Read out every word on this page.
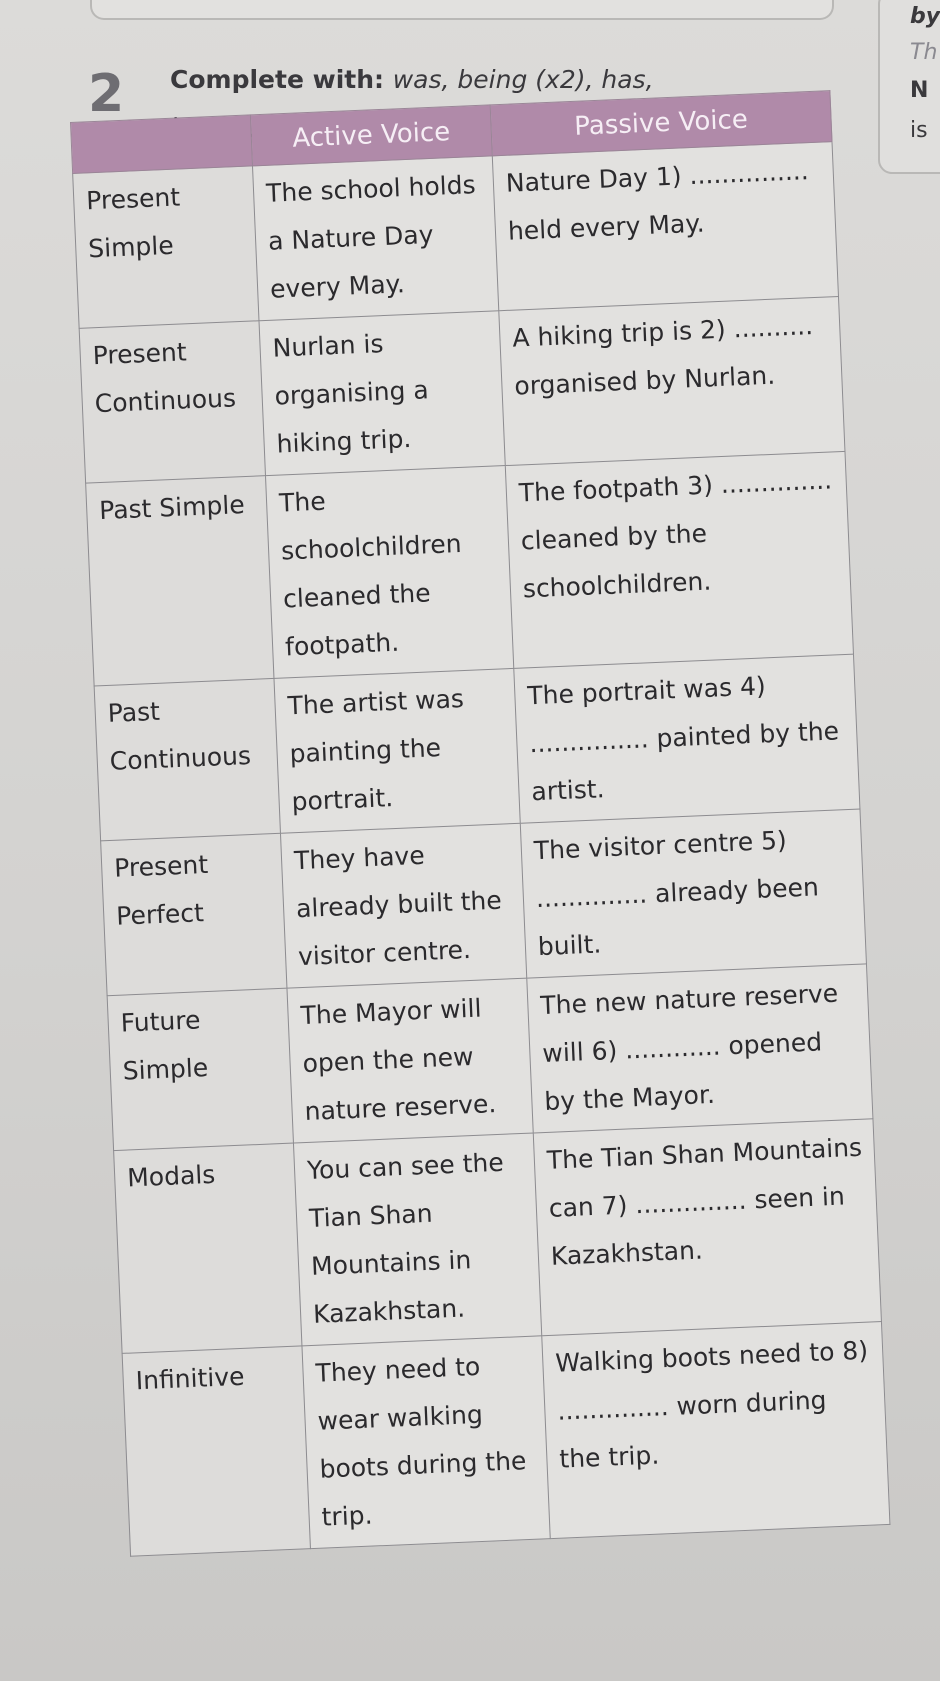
by
Th
N
is
2 Complete with: was, being (x2), has,

	Active Voice	Passive Voice
Present Simple	The school holds a Nature Day every May.	Nature Day 1) ............... held every May.
Present Continuous	Nurlan is organising a hiking trip.	A hiking trip is 2) .......... organised by Nurlan.
Past Simple	The schoolchildren cleaned the footpath.	The footpath 3) .............. cleaned by the schoolchildren.
Past Continuous	The artist was painting the portrait.	The portrait was 4) ............... painted by the artist.
Present Perfect	They have already built the visitor centre.	The visitor centre 5) .............. already been built.
Future Simple	The Mayor will open the new nature reserve.	The new nature reserve will 6) ............ opened by the Mayor.
Modals	You can see the Tian Shan Mountains in Kazakhstan.	The Tian Shan Mountains can 7) .............. seen in Kazakhstan.
Infinitive	They need to wear walking boots during the trip.	Walking boots need to 8) .............. worn during the trip.
